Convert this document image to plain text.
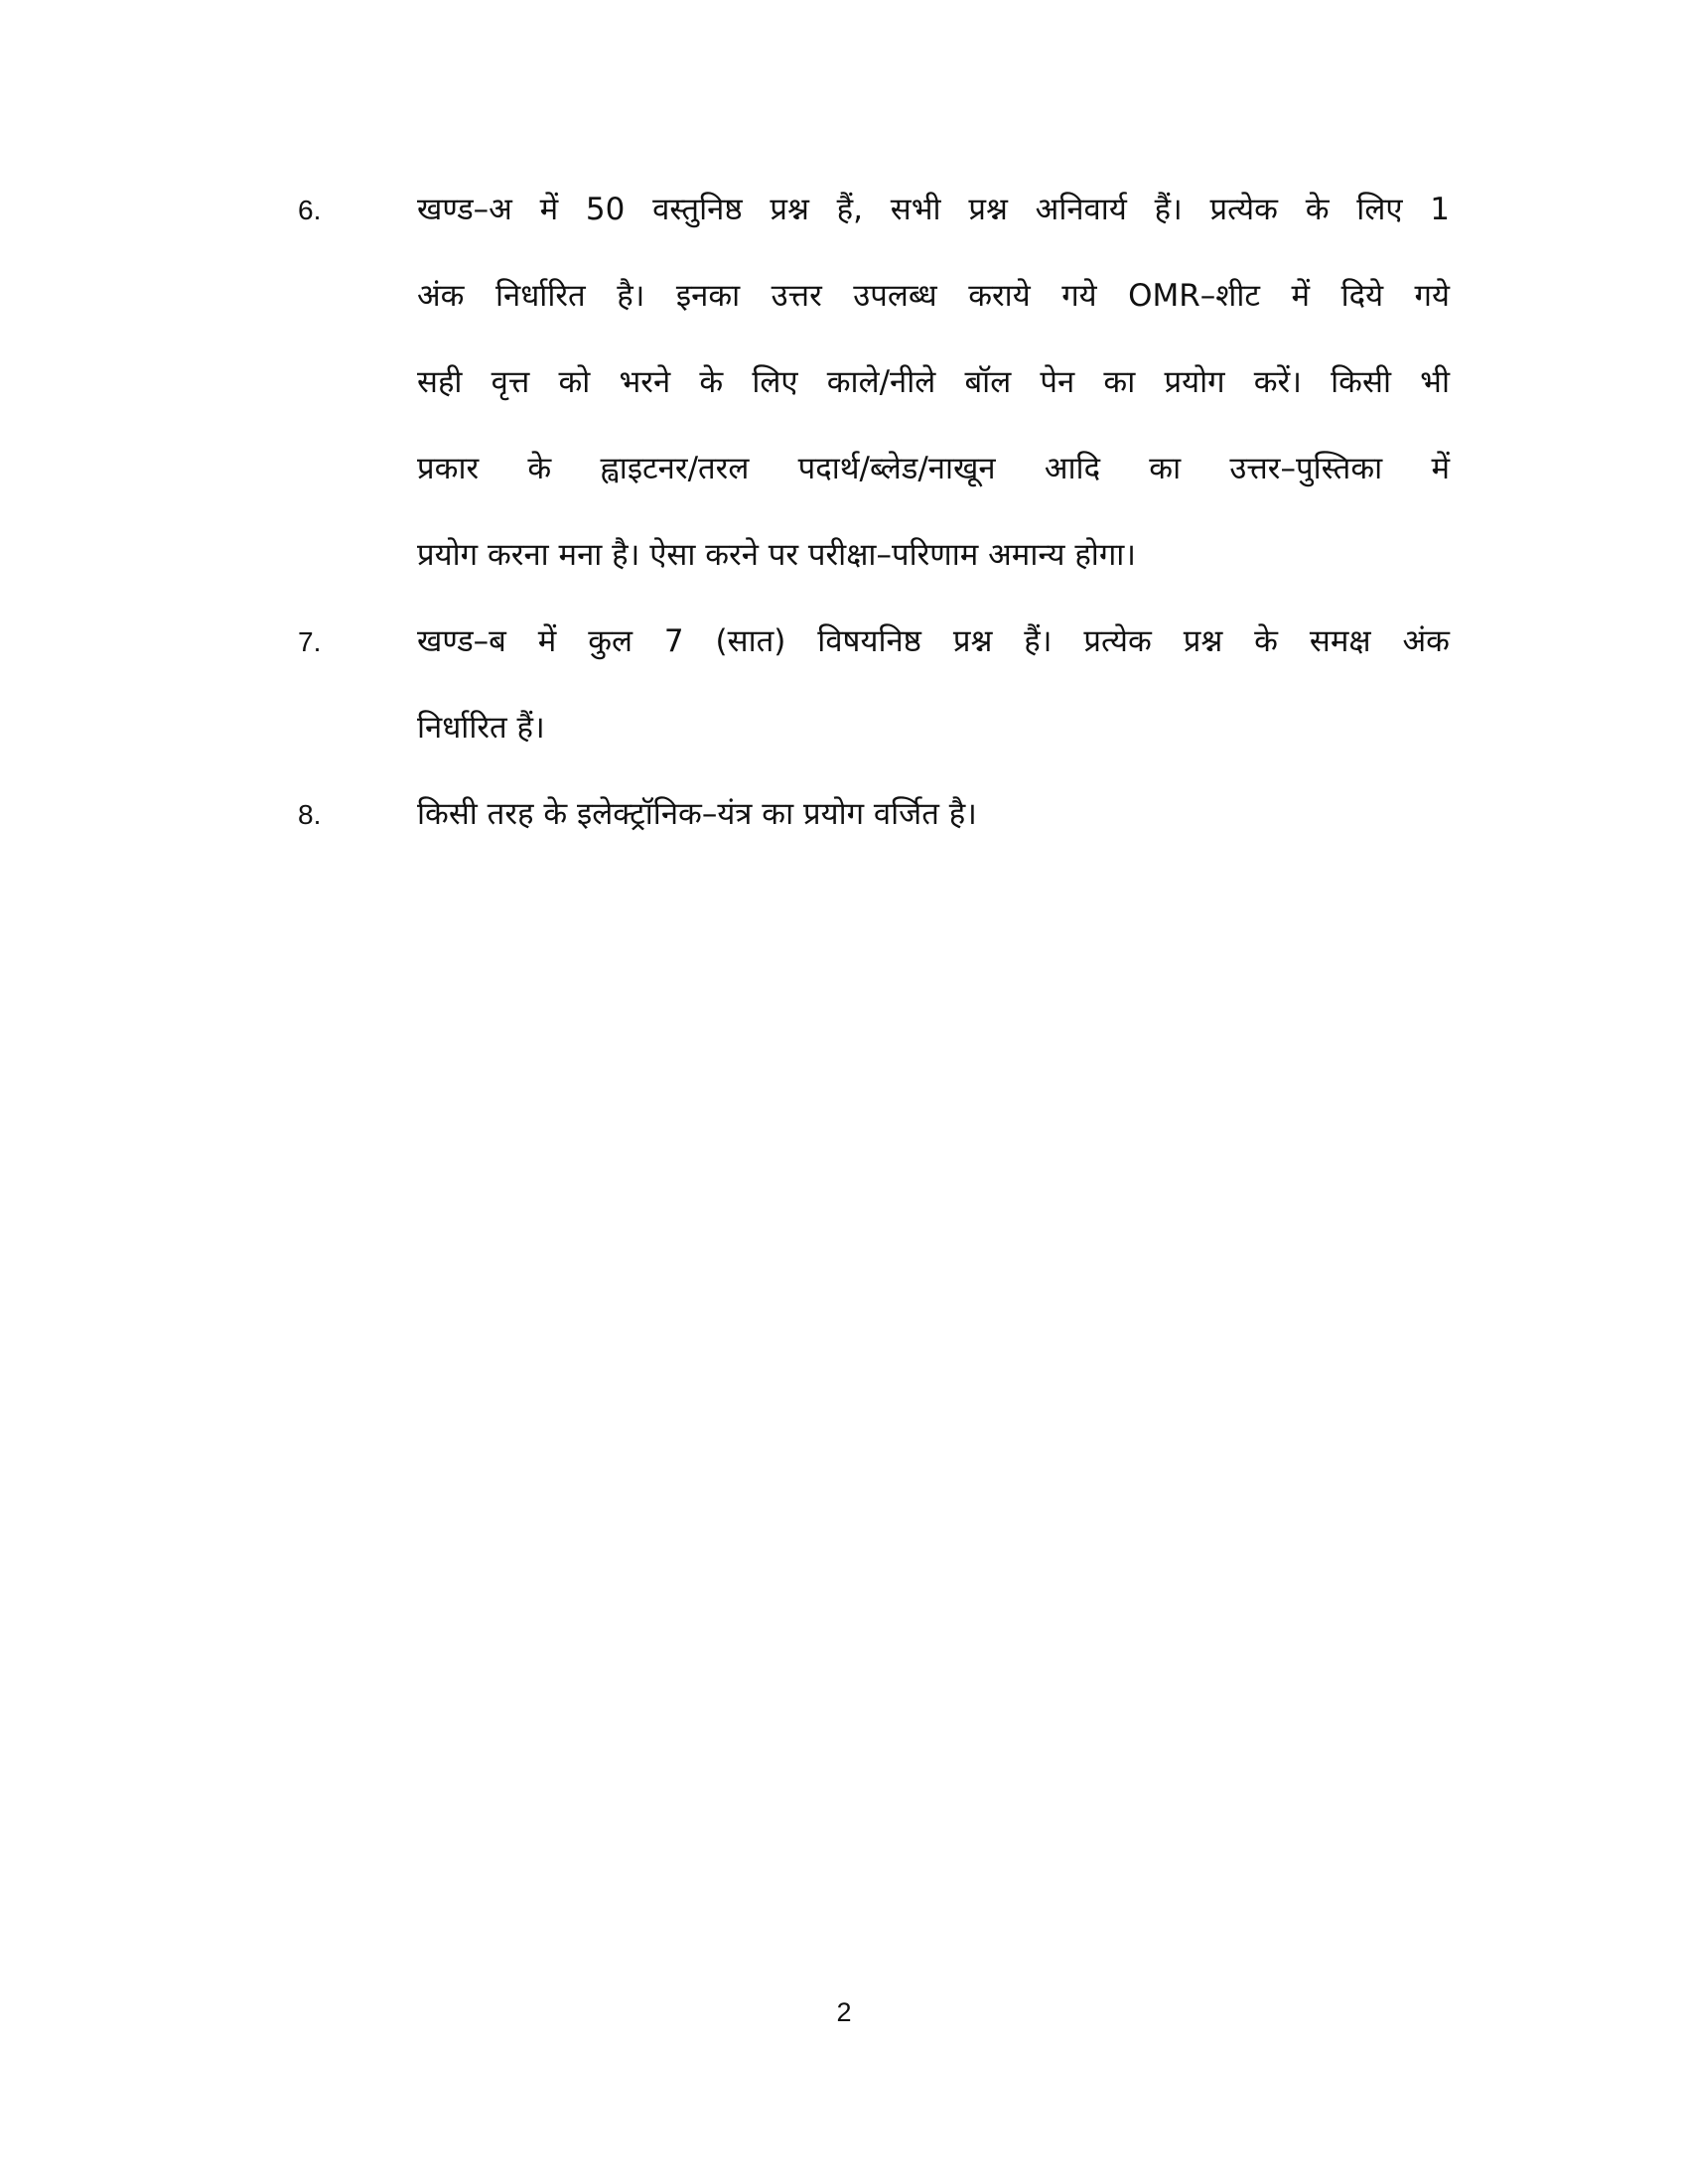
6.	खण्ड–अ में 50 वस्तुनिष्ठ प्रश्न हैं, सभी प्रश्न अनिवार्य हैं। प्रत्येक के लिए 1
अंक निर्धारित है। इनका उत्तर उपलब्ध कराये गये OMR–शीट में दिये गये
सही वृत्त को भरने के लिए काले/नीले बॉल पेन का प्रयोग करें। किसी भी
प्रकार के ह्वाइटनर/तरल पदार्थ/ब्लेड/नाखून आदि का उत्तर–पुस्तिका में
प्रयोग करना मना है। ऐसा करने पर परीक्षा–परिणाम अमान्य होगा।
7.	खण्ड–ब में कुल 7 (सात) विषयनिष्ठ प्रश्न हैं। प्रत्येक प्रश्न के समक्ष अंक
निर्धारित हैं।
8.	किसी तरह के इलेक्ट्रॉनिक–यंत्र का प्रयोग वर्जित है।
2
